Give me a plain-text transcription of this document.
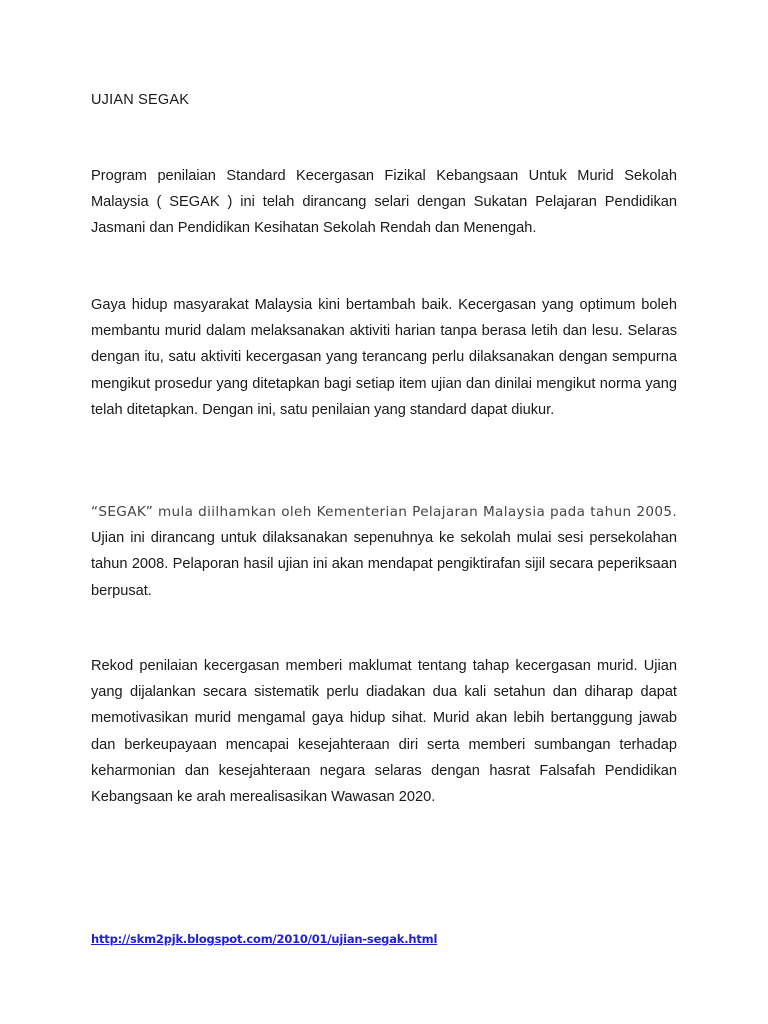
UJIAN SEGAK

Program penilaian Standard Kecergasan Fizikal Kebangsaan Untuk Murid Sekolah Malaysia ( SEGAK ) ini telah dirancang selari dengan Sukatan Pelajaran Pendidikan Jasmani dan Pendidikan Kesihatan Sekolah Rendah dan Menengah.

Gaya hidup masyarakat Malaysia kini bertambah baik. Kecergasan yang optimum boleh membantu murid dalam melaksanakan aktiviti harian tanpa berasa letih dan lesu. Selaras dengan itu, satu aktiviti kecergasan yang terancang perlu dilaksanakan dengan sempurna mengikut prosedur yang ditetapkan bagi setiap item ujian dan dinilai mengikut norma yang telah ditetapkan. Dengan ini, satu penilaian yang standard dapat diukur.

“SEGAK” mula diilhamkan oleh Kementerian Pelajaran Malaysia pada tahun 2005. Ujian ini dirancang untuk dilaksanakan sepenuhnya ke sekolah mulai sesi persekolahan tahun 2008. Pelaporan hasil ujian ini akan mendapat pengiktirafan sijil secara peperiksaan berpusat.

Rekod penilaian kecergasan memberi maklumat tentang tahap kecergasan murid. Ujian yang dijalankan secara sistematik perlu diadakan dua kali setahun dan diharap dapat memotivasikan murid mengamal gaya hidup sihat. Murid akan lebih bertanggung jawab dan berkeupayaan mencapai kesejahteraan diri serta memberi sumbangan terhadap keharmonian dan kesejahteraan negara selaras dengan hasrat Falsafah Pendidikan Kebangsaan ke arah merealisasikan Wawasan 2020.

http://skm2pjk.blogspot.com/2010/01/ujian-segak.html
